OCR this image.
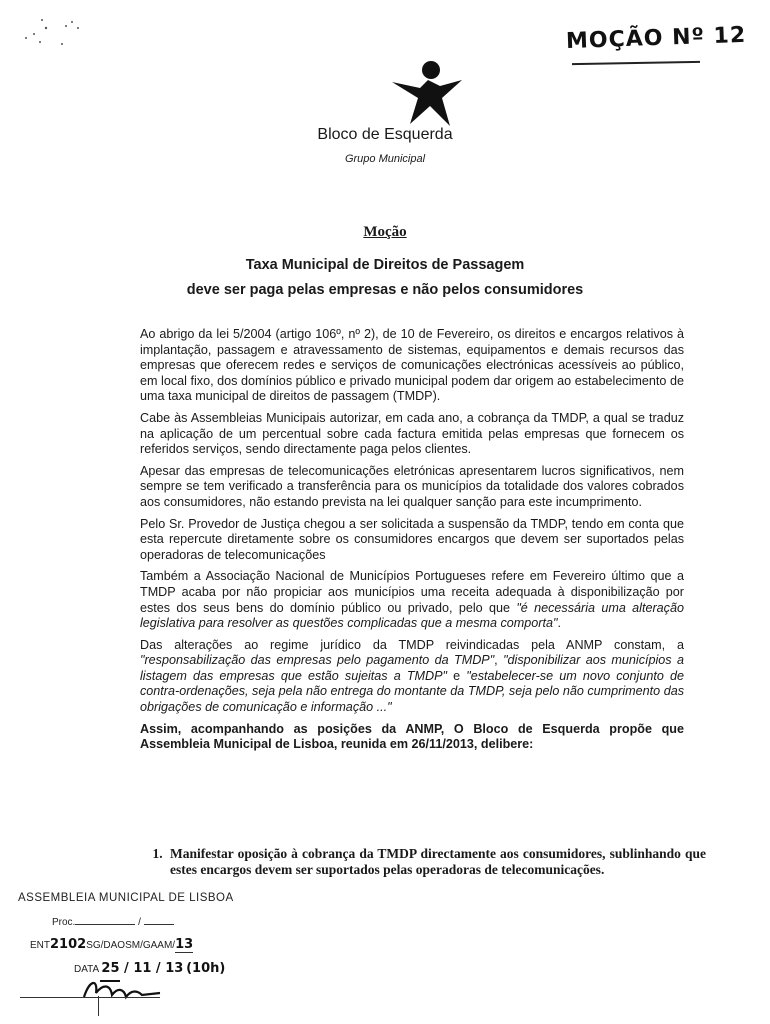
MOÇÃO Nº 12
Bloco de Esquerda
Grupo Municipal
Moção
Taxa Municipal de Direitos de Passagem
deve ser paga pelas empresas e não pelos consumidores

Ao abrigo da lei 5/2004 (artigo 106º, nº 2), de 10 de Fevereiro, os direitos e encargos relativos à implantação, passagem e atravessamento de sistemas, equipamentos e demais recursos das empresas que oferecem redes e serviços de comunicações electrónicas acessíveis ao público, em local fixo, dos domínios público e privado municipal podem dar origem ao estabelecimento de uma taxa municipal de direitos de passagem (TMDP).

Cabe às Assembleias Municipais autorizar, em cada ano, a cobrança da TMDP, a qual se traduz na aplicação de um percentual sobre cada factura emitida pelas empresas que fornecem os referidos serviços, sendo directamente paga pelos clientes.

Apesar das empresas de telecomunicações eletrónicas apresentarem lucros significativos, nem sempre se tem verificado a transferência para os municípios da totalidade dos valores cobrados aos consumidores, não estando prevista na lei qualquer sanção para este incumprimento.

Pelo Sr. Provedor de Justiça chegou a ser solicitada a suspensão da TMDP, tendo em conta que esta repercute diretamente sobre os consumidores encargos que devem ser suportados pelas operadoras de telecomunicações

Também a Associação Nacional de Municípios Portugueses refere em Fevereiro último que a TMDP acaba por não propiciar aos municípios uma receita adequada à disponibilização por estes dos seus bens do domínio público ou privado, pelo que "é necessária uma alteração legislativa para resolver as questões complicadas que a mesma comporta".

Das alterações ao regime jurídico da TMDP reivindicadas pela ANMP constam, a "responsabilização das empresas pelo pagamento da TMDP", "disponibilizar aos municípios a listagem das empresas que estão sujeitas a TMDP" e "estabelecer-se um novo conjunto de contra-ordenações, seja pela não entrega do montante da TMDP, seja pelo não cumprimento das obrigações de comunicação e informação ..."

Assim, acompanhando as posições da ANMP, O Bloco de Esquerda propõe que Assembleia Municipal de Lisboa, reunida em 26/11/2013, delibere:

1. Manifestar oposição à cobrança da TMDP directamente aos consumidores, sublinhando que estes encargos devem ser suportados pelas operadoras de telecomunicações.
ASSEMBLEIA MUNICIPAL DE LISBOA
Proc.	/
ENT2102SG/DAOSM/GAAM/13
DATA 25 / 11 / 13 (10h)
